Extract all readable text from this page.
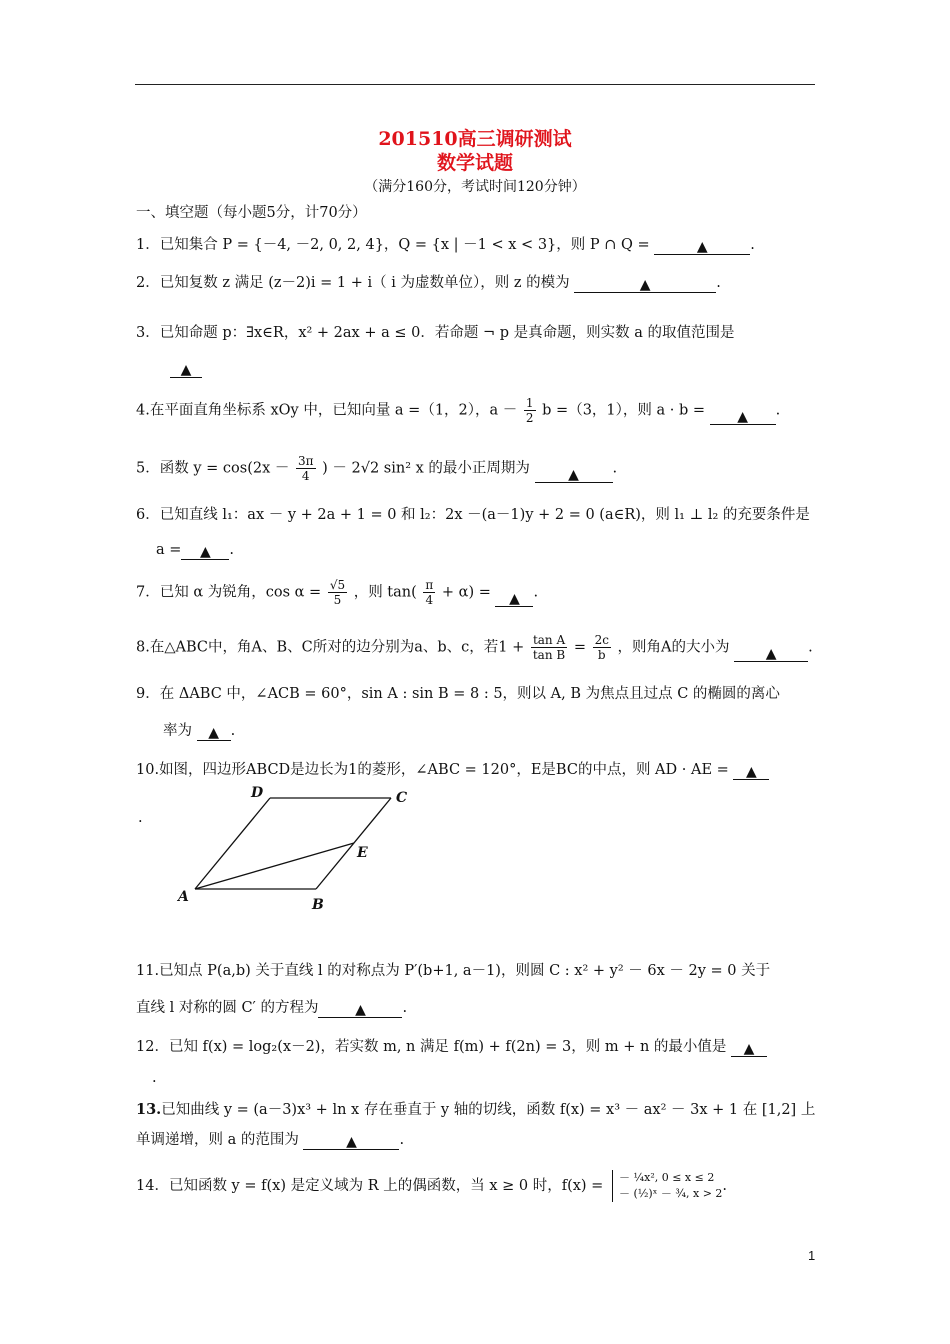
201510高三调研测试
数学试题
（满分160分，考试时间120分钟）
一、填空题（每小题5分，计70分）
1．已知集合 P = {－4, －2, 0, 2, 4}，Q = {x | －1 < x < 3}，则 P ∩ Q =	▲	.
2．已知复数 z 满足 (z－2)i = 1 + i（ i 为虚数单位），则 z 的模为	▲	.
3．已知命题 p：∃x∈R，x² + 2ax + a ≤ 0．若命题 ¬ p 是真命题，则实数 a 的取值范围是
▲
4.在平面直角坐标系 xOy 中，已知向量 a =（1，2），$a - \frac{1}{2}$ b =（3，1），则 a · b = ▲ .
5．函数 $y = \cos(2x - \frac{3\pi}{4}$ ) － 2√2 sin² x 的最小正周期为	▲ .
6．已知直线 l₁：ax － y + 2a + 1 = 0 和 l₂：2x －(a－1)y + 2 = 0 (a∈R)，则 l₁ ⊥ l₂ 的充要条件是
a = ▲ .
7．已知 α 为锐角，$\cos \alpha = \frac{√5}{5}$ ，则 $\tan( \frac{\pi}{4} + \alpha)$ = ▲ .
8.在△ABC中，角A、B、C所对的边分别为a、b、c，若$1 + \frac{\text{tan A}}{\text{tan B}} = \frac{2c}{b}$ ，则角A的大小为	▲ .
9．在 ΔABC 中，∠ACB = 60°，sin A : sin B = 8 : 5，则以 A, B 为焦点且过点 C 的椭圆的离心
率为 ▲ .
10.如图，四边形ABCD是边长为1的菱形，∠ABC = 120°，E是BC的中点，则 AD · AE = ▲
.
D	C
E
A	B
11.已知点 P(a,b) 关于直线 l 的对称点为 P′(b+1, a－1)，则圆 C : x² + y² － 6x － 2y = 0 关于
直线 l 对称的圆 C′ 的方程为	▲	.
12．已知 f(x) = log₂(x－2)，若实数 m, n 满足 f(m) + f(2n) = 3，则 m + n 的最小值是 ▲
.
13.已知曲线 y = (a－3)x³ + ln x 存在垂直于 y 轴的切线，函数 f(x) = x³ － ax² － 3x + 1 在 [1,2] 上
单调递增，则 a 的范围为	▲	.
14．已知函数 y = f(x) 是定义域为 R 上的偶函数，当 x ≥ 0 时，f(x) =
－ ¼x², 0 ≤ x ≤ 2
－ (½)ˣ － ¾, x > 2 .
1
